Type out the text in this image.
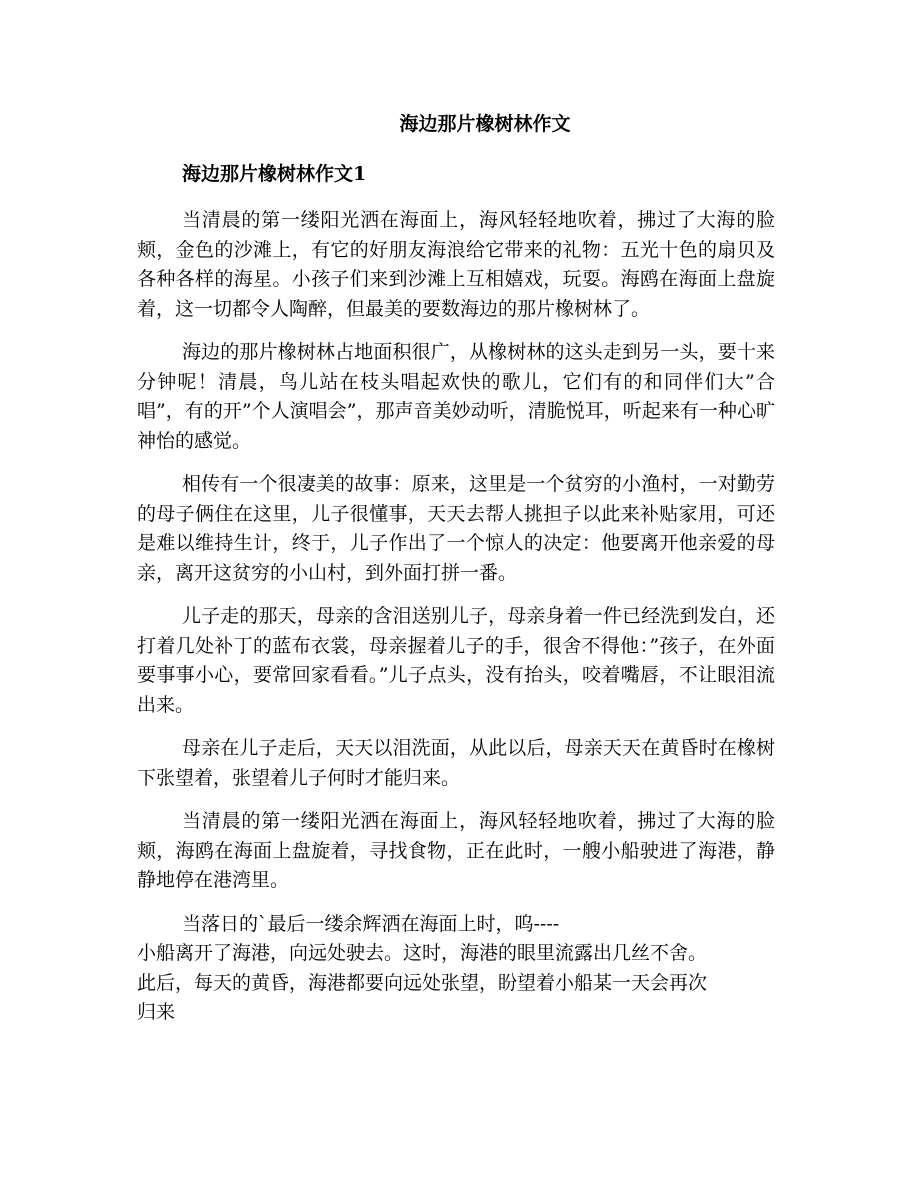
海边那片橡树林作文
海边那片橡树林作文1

当清晨的第一缕阳光洒在海面上，海风轻轻地吹着，拂过了大海的脸颊，金色的沙滩上，有它的好朋友海浪给它带来的礼物：五光十色的扇贝及各种各样的海星。小孩子们来到沙滩上互相嬉戏，玩耍。海鸥在海面上盘旋着，这一切都令人陶醉，但最美的要数海边的那片橡树林了。

海边的那片橡树林占地面积很广，从橡树林的这头走到另一头，要十来分钟呢！清晨，鸟儿站在枝头唱起欢快的歌儿，它们有的和同伴们大”合唱”，有的开”个人演唱会”，那声音美妙动听，清脆悦耳，听起来有一种心旷神怡的感觉。

相传有一个很凄美的故事：原来，这里是一个贫穷的小渔村，一对勤劳的母子俩住在这里，儿子很懂事，天天去帮人挑担子以此来补贴家用，可还是难以维持生计，终于，儿子作出了一个惊人的决定：他要离开他亲爱的母亲，离开这贫穷的小山村，到外面打拼一番。

儿子走的那天，母亲的含泪送别儿子，母亲身着一件已经洗到发白，还打着几处补丁的蓝布衣裳，母亲握着儿子的手，很舍不得他：”孩子，在外面要事事小心，要常回家看看。”儿子点头，没有抬头，咬着嘴唇，不让眼泪流出来。

母亲在儿子走后，天天以泪洗面，从此以后，母亲天天在黄昏时在橡树下张望着，张望着儿子何时才能归来。

当清晨的第一缕阳光洒在海面上，海风轻轻地吹着，拂过了大海的脸颊，海鸥在海面上盘旋着，寻找食物，正在此时，一艘小船驶进了海港，静静地停在港湾里。

当落日的`最后一缕余辉洒在海面上时，呜----
小船离开了海港，向远处驶去。这时，海港的眼里流露出几丝不舍。
此后，每天的黄昏，海港都要向远处张望，盼望着小船某一天会再次
归来
